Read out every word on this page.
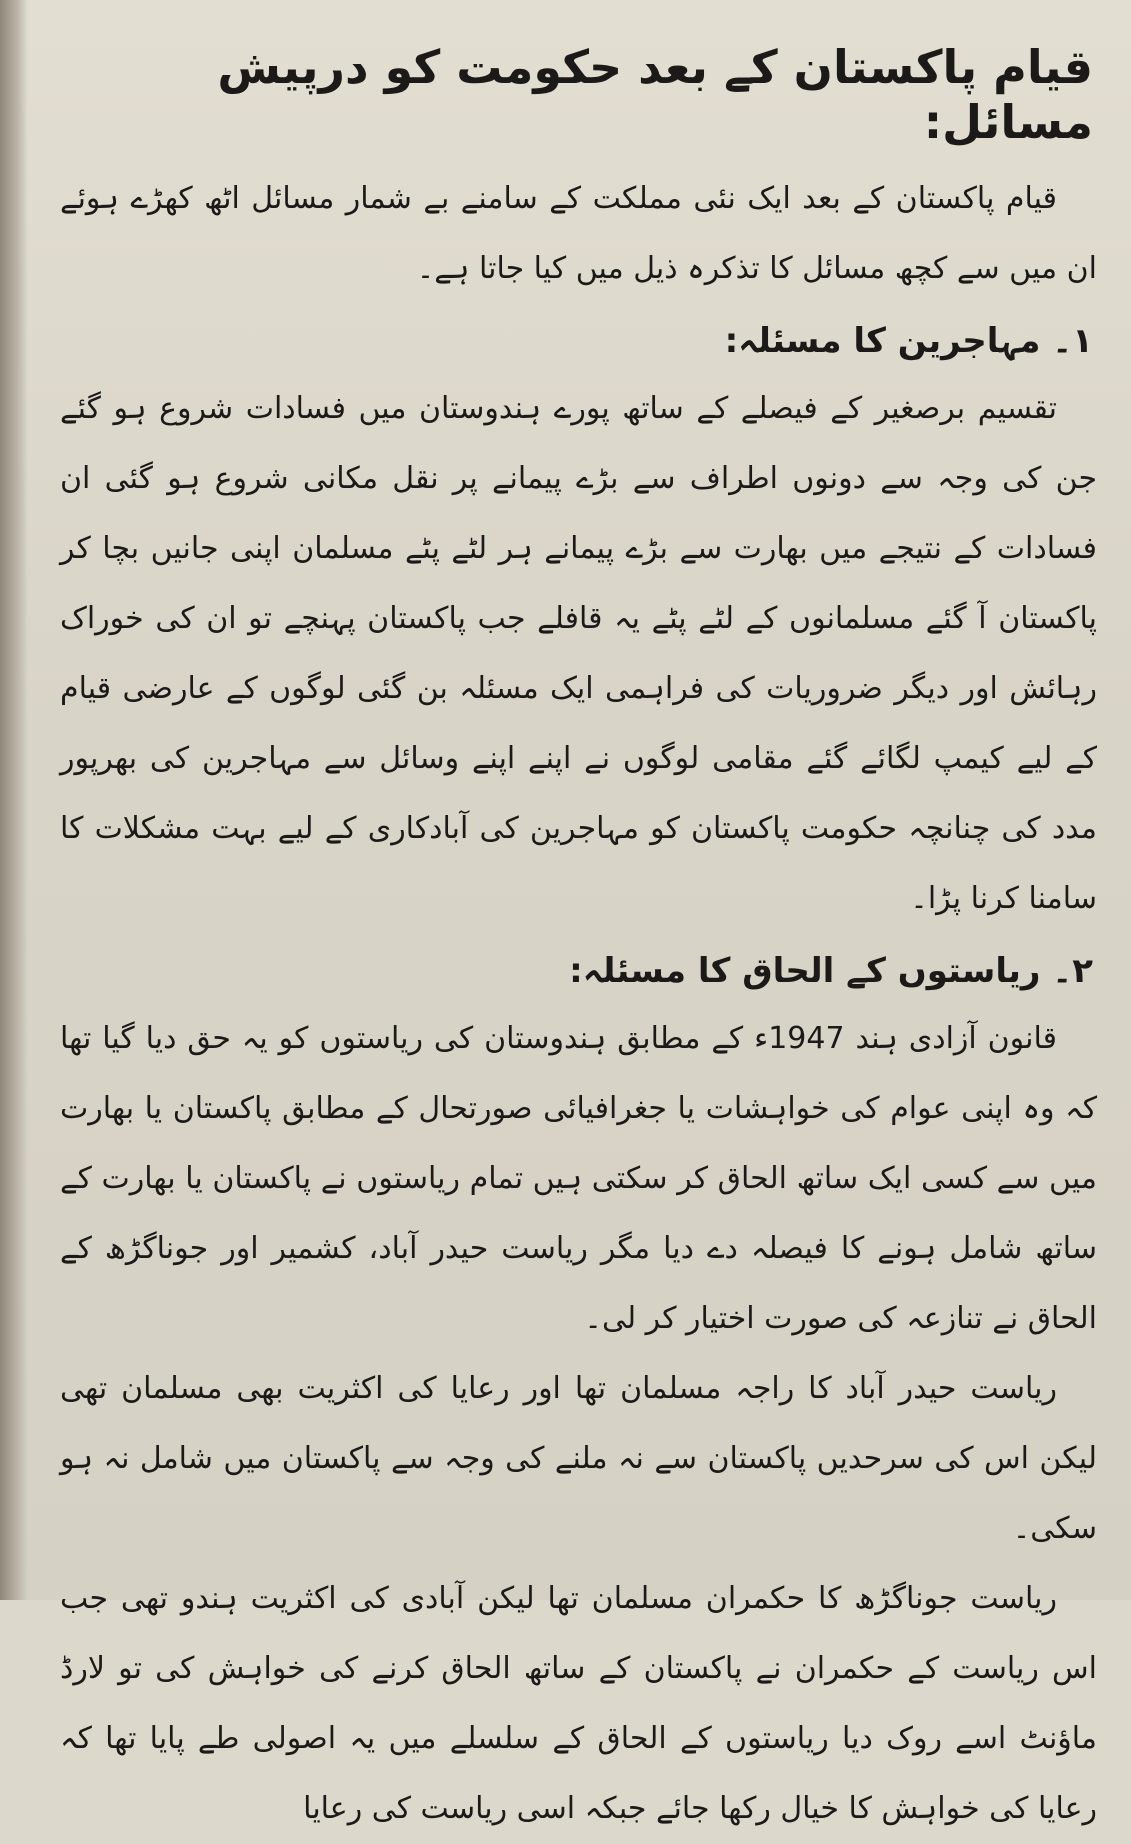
قیام پاکستان کے بعد حکومت کو درپیش مسائل:

قیام پاکستان کے بعد ایک نئی مملکت کے سامنے بے شمار مسائل اٹھ کھڑے ہوئے ان میں سے کچھ مسائل کا تذکرہ ذیل میں کیا جاتا ہے۔

۱۔ مہاجرین کا مسئلہ:

تقسیم برصغیر کے فیصلے کے ساتھ پورے ہندوستان میں فسادات شروع ہو گئے جن کی وجہ سے دونوں اطراف سے بڑے پیمانے پر نقل مکانی شروع ہو گئی ان فسادات کے نتیجے میں بھارت سے بڑے پیمانے ہر لٹے پٹے مسلمان اپنی جانیں بچا کر پاکستان آ گئے مسلمانوں کے لٹے پٹے یہ قافلے جب پاکستان پہنچے تو ان کی خوراک رہائش اور دیگر ضروریات کی فراہمی ایک مسئلہ بن گئی لوگوں کے عارضی قیام کے لیے کیمپ لگائے گئے مقامی لوگوں نے اپنے اپنے وسائل سے مہاجرین کی بھرپور مدد کی چنانچہ حکومت پاکستان کو مہاجرین کی آبادکاری کے لیے بہت مشکلات کا سامنا کرنا پڑا۔

۲۔ ریاستوں کے الحاق کا مسئلہ:

قانون آزادی ہند 1947ء کے مطابق ہندوستان کی ریاستوں کو یہ حق دیا گیا تھا کہ وہ اپنی عوام کی خواہشات یا جغرافیائی صورتحال کے مطابق پاکستان یا بھارت میں سے کسی ایک ساتھ الحاق کر سکتی ہیں تمام ریاستوں نے پاکستان یا بھارت کے ساتھ شامل ہونے کا فیصلہ دے دیا مگر ریاست حیدر آباد، کشمیر اور جوناگڑھ کے الحاق نے تنازعہ کی صورت اختیار کر لی۔

ریاست حیدر آباد کا راجہ مسلمان تھا اور رعایا کی اکثریت بھی مسلمان تھی لیکن اس کی سرحدیں پاکستان سے نہ ملنے کی وجہ سے پاکستان میں شامل نہ ہو سکی۔

ریاست جوناگڑھ کا حکمران مسلمان تھا لیکن آبادی کی اکثریت ہندو تھی جب اس ریاست کے حکمران نے پاکستان کے ساتھ الحاق کرنے کی خواہش کی تو لارڈ ماؤنٹ اسے روک دیا ریاستوں کے الحاق کے سلسلے میں یہ اصولی طے پایا تھا کہ رعایا کی خواہش کا خیال رکھا جائے جبکہ اسی ریاست کی رعایا
